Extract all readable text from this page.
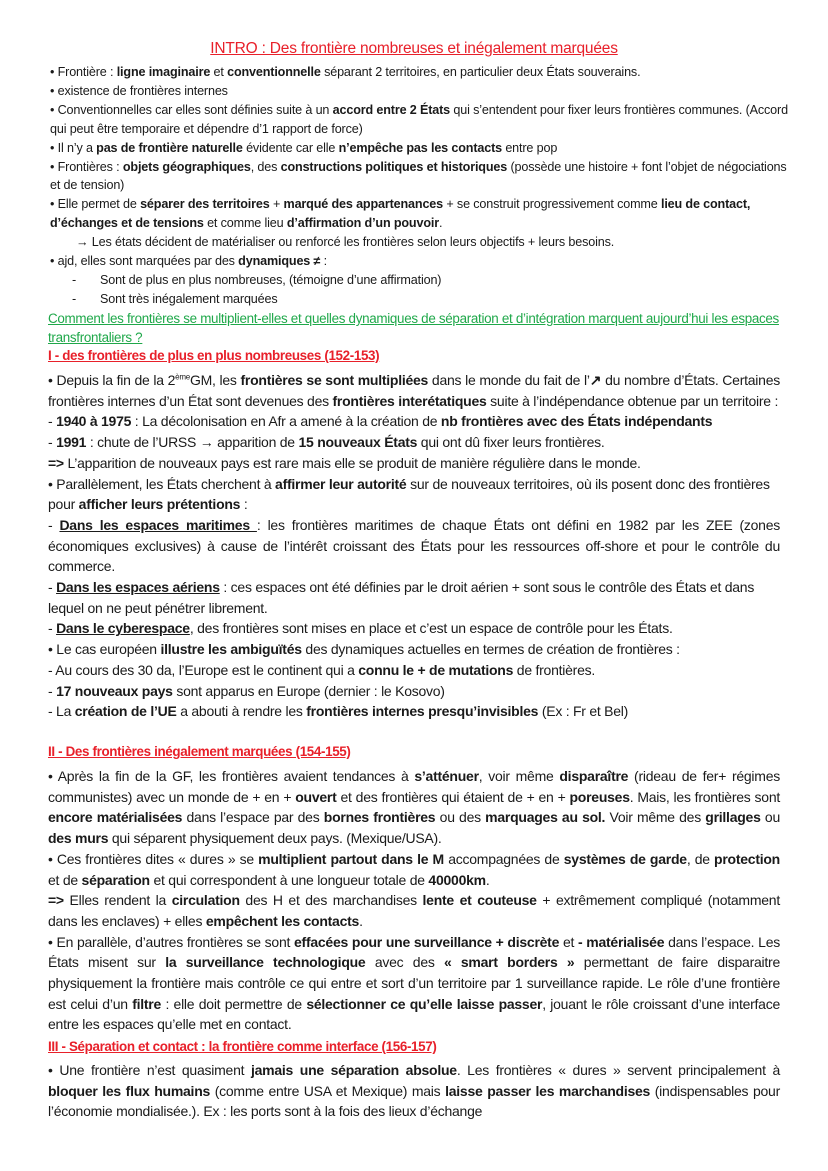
INTRO : Des frontière nombreuses et inégalement marquées

• Frontière : ligne imaginaire et conventionnelle séparant 2 territoires, en particulier deux États souverains.

• existence de frontières internes

• Conventionnelles car elles sont définies suite à un accord entre 2 États qui s’entendent pour fixer leurs frontières communes. (Accord qui peut être temporaire et dépendre d’1 rapport de force)

• Il n’y a pas de frontière naturelle évidente car elle n’empêche pas les contacts entre pop

• Frontières : objets géographiques, des constructions politiques et historiques (possède une histoire + font l’objet de négociations et de tension)

• Elle permet de séparer des territoires + marqué des appartenances + se construit progressivement comme lieu de contact, d’échanges et de tensions et comme lieu d’affirmation d’un pouvoir.

→ Les états décident de matérialiser ou renforcé les frontières selon leurs objectifs + leurs besoins.

• ajd, elles sont marquées par des dynamiques ≠ :

- Sont de plus en plus nombreuses, (témoigne d’une affirmation)
- Sont très inégalement marquées
Comment les frontières se multiplient-elles et quelles dynamiques de séparation et d’intégration marquent aujourd’hui les espaces transfrontaliers ?
I - des frontières de plus en plus nombreuses (152-153)

• Depuis la fin de la 2èmeGM, les frontières se sont multipliées dans le monde du fait de l’↗ du nombre d’États. Certaines frontières internes d’un État sont devenues des frontières interétatiques suite à l’indépendance obtenue par un territoire :

- 1940 à 1975 : La décolonisation en Afr a amené à la création de nb frontières avec des États indépendants

- 1991 : chute de l’URSS → apparition de 15 nouveaux États qui ont dû fixer leurs frontières.

=> L’apparition de nouveaux pays est rare mais elle se produit de manière régulière dans le monde.

• Parallèlement, les États cherchent à affirmer leur autorité sur de nouveaux territoires, où ils posent donc des frontières pour afficher leurs prétentions :

- Dans les espaces maritimes : les frontières maritimes de chaque États ont défini en 1982 par les ZEE (zones économiques exclusives) à cause de l’intérêt croissant des États pour les ressources off-shore et pour le contrôle du commerce.

- Dans les espaces aériens : ces espaces ont été définies par le droit aérien + sont sous le contrôle des États et dans lequel on ne peut pénétrer librement.

- Dans le cyberespace, des frontières sont mises en place et c’est un espace de contrôle pour les États.

• Le cas européen illustre les ambiguïtés des dynamiques actuelles en termes de création de frontières :

- Au cours des 30 da, l’Europe est le continent qui a connu le + de mutations de frontières.

- 17 nouveaux pays sont apparus en Europe (dernier : le Kosovo)

- La création de l’UE a abouti à rendre les frontières internes presqu’invisibles (Ex : Fr et Bel)

II - Des frontières inégalement marquées (154-155)

• Après la fin de la GF, les frontières avaient tendances à s’atténuer, voir même disparaître (rideau de fer+ régimes communistes) avec un monde de + en + ouvert et des frontières qui étaient de + en + poreuses. Mais, les frontières sont encore matérialisées dans l’espace par des bornes frontières ou des marquages au sol. Voir même des grillages ou des murs qui séparent physiquement deux pays. (Mexique/USA).

• Ces frontières dites « dures » se multiplient partout dans le M accompagnées de systèmes de garde, de protection et de séparation et qui correspondent à une longueur totale de 40000km.

=> Elles rendent la circulation des H et des marchandises lente et couteuse + extrêmement compliqué (notamment dans les enclaves) + elles empêchent les contacts.

• En parallèle, d’autres frontières se sont effacées pour une surveillance + discrète et - matérialisée dans l’espace. Les États misent sur la surveillance technologique avec des « smart borders » permettant de faire disparaitre physiquement la frontière mais contrôle ce qui entre et sort d’un territoire par 1 surveillance rapide. Le rôle d’une frontière est celui d’un filtre : elle doit permettre de sélectionner ce qu’elle laisse passer, jouant le rôle croissant d’une interface entre les espaces qu’elle met en contact.

III - Séparation et contact : la frontière comme interface (156-157)

• Une frontière n’est quasiment jamais une séparation absolue. Les frontières « dures » servent principalement à bloquer les flux humains (comme entre USA et Mexique) mais laisse passer les marchandises (indispensables pour l’économie mondialisée.). Ex : les ports sont à la fois des lieux d’échange
